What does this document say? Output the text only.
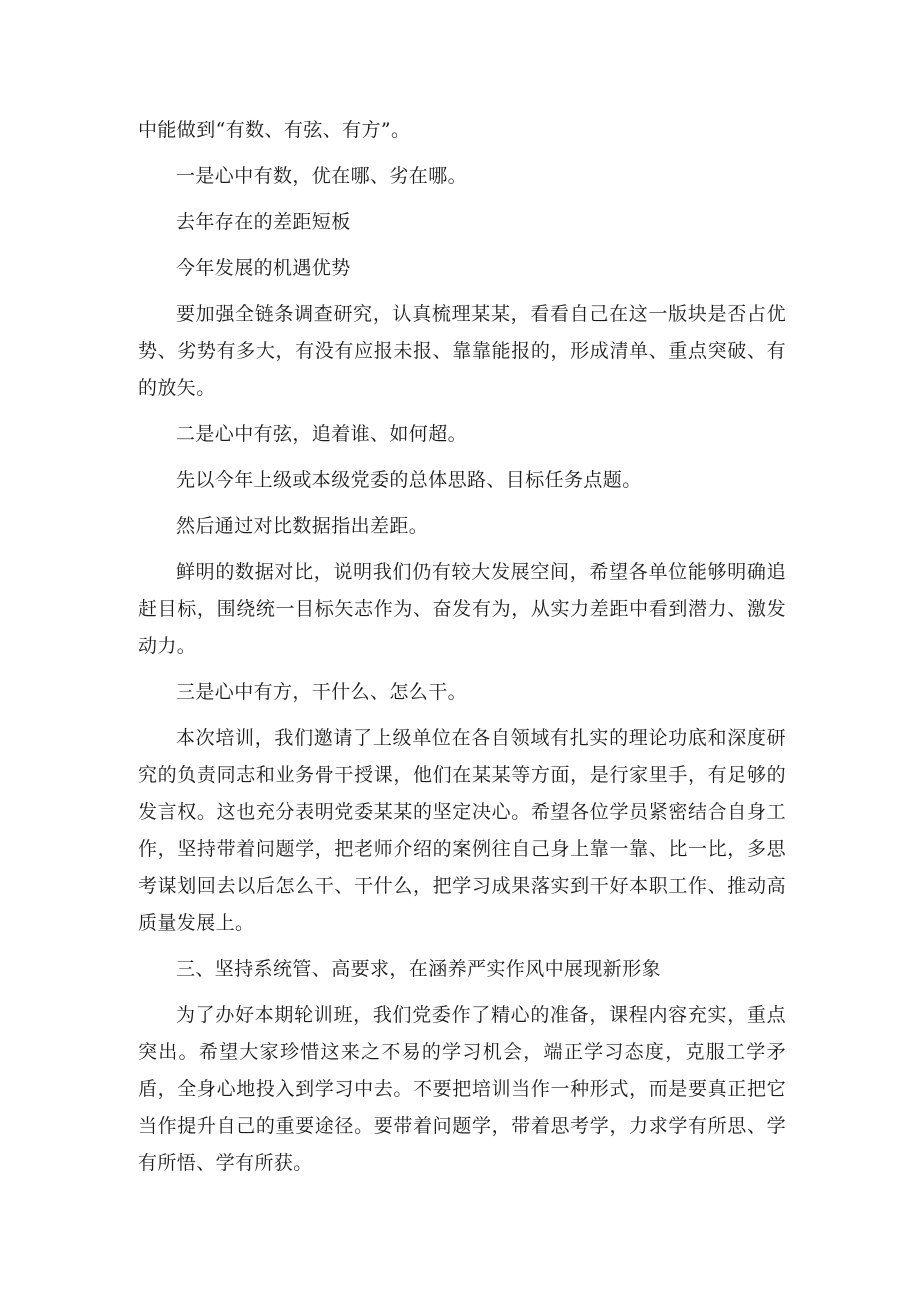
中能做到“有数、有弦、有方”。

一是心中有数，优在哪、劣在哪。

去年存在的差距短板

今年发展的机遇优势

要加强全链条调查研究，认真梳理某某，看看自己在这一版块是否占优势、劣势有多大，有没有应报未报、靠靠能报的，形成清单、重点突破、有的放矢。

二是心中有弦，追着谁、如何超。

先以今年上级或本级党委的总体思路、目标任务点题。

然后通过对比数据指出差距。

鲜明的数据对比，说明我们仍有较大发展空间，希望各单位能够明确追赶目标，围绕统一目标矢志作为、奋发有为，从实力差距中看到潜力、激发动力。

三是心中有方，干什么、怎么干。

本次培训，我们邀请了上级单位在各自领域有扎实的理论功底和深度研究的负责同志和业务骨干授课，他们在某某等方面，是行家里手，有足够的发言权。这也充分表明党委某某的坚定决心。希望各位学员紧密结合自身工作，坚持带着问题学，把老师介绍的案例往自己身上靠一靠、比一比，多思考谋划回去以后怎么干、干什么，把学习成果落实到干好本职工作、推动高质量发展上。

三、坚持系统管、高要求，在涵养严实作风中展现新形象

为了办好本期轮训班，我们党委作了精心的准备，课程内容充实，重点突出。希望大家珍惜这来之不易的学习机会，端正学习态度，克服工学矛盾，全身心地投入到学习中去。不要把培训当作一种形式，而是要真正把它当作提升自己的重要途径。要带着问题学，带着思考学，力求学有所思、学有所悟、学有所获。
